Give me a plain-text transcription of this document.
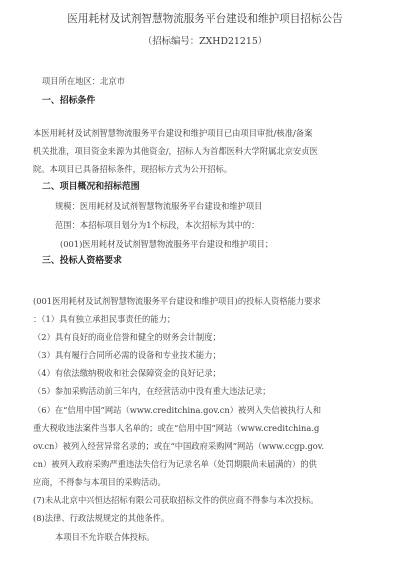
医用耗材及试剂智慧物流服务平台建设和维护项目招标公告
（招标编号：ZXHD21215）
项目所在地区：北京市
一、招标条件
本医用耗材及试剂智慧物流服务平台建设和维护项目已由项目审批/核准/备案
机关批准，项目资金来源为其他资金/，招标人为首都医科大学附属北京安贞医
院。本项目已具备招标条件，现招标方式为公开招标。
二、项目概况和招标范围
规模：医用耗材及试剂智慧物流服务平台建设和维护项目
范围：本招标项目划分为1个标段，本次招标为其中的：
(001)医用耗材及试剂智慧物流服务平台建设和维护项目；
三、投标人资格要求
(001医用耗材及试剂智慧物流服务平台建设和维护项目)的投标人资格能力要求
：（1）具有独立承担民事责任的能力；
（2）具有良好的商业信誉和健全的财务会计制度；
（3）具有履行合同所必需的设备和专业技术能力；
（4）有依法缴纳税收和社会保障资金的良好记录；
（5）参加采购活动前三年内，在经营活动中没有重大违法记录；
（6）在“信用中国”网站（www.creditchina.gov.cn）被列入失信被执行人和
重大税收违法案件当事人名单的；或在“信用中国”网站（www.creditchina.g
ov.cn）被列入经营异常名录的；或在“中国政府采购网”网站（www.ccgp.gov.
cn）被列入政府采购严重违法失信行为记录名单（处罚期限尚未届满的）的供
应商，不得参与本项目的采购活动。
(7)未从北京中兴恒达招标有限公司获取招标文件的供应商不得参与本次投标。
(8)法律、行政法规规定的其他条件。
本项目不允许联合体投标。
